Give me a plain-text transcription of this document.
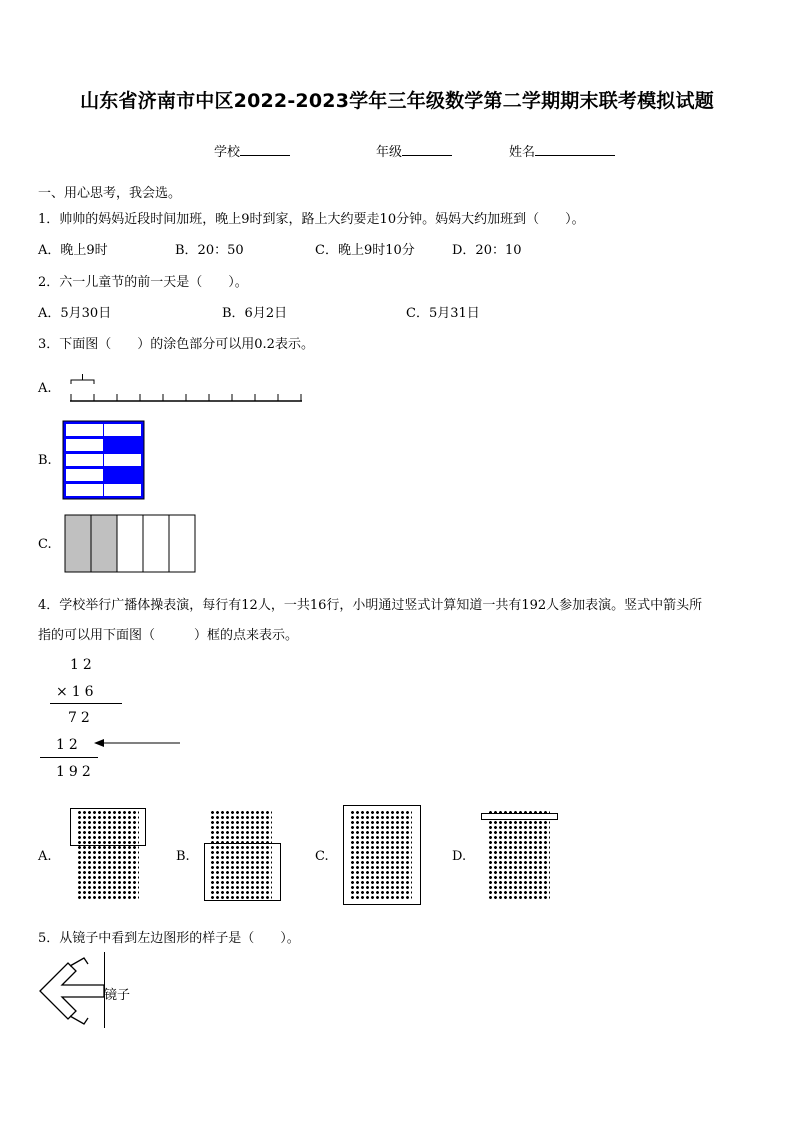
山东省济南市中区2022-2023学年三年级数学第二学期期末联考模拟试题
学校	年级	姓名
一、用心思考，我会选。
1．帅帅的妈妈近段时间加班，晚上9时到家，路上大约要走10分钟。妈妈大约加班到（　　）。
A．晚上9时	B．20：50	C．晚上9时10分	D．20：10
2．六一儿童节的前一天是（　　）。
A．5月30日	B．6月2日	C．5月31日
3．下面图（　　）的涂色部分可以用0.2表示。
A.
B.
C.
4．学校举行广播体操表演，每行有12人，一共16行，小明通过竖式计算知道一共有192人参加表演。竖式中箭头所
指的可以用下面图（　　　）框的点来表示。
12
×16
72
12
192
A.	B.	C.	D.
5．从镜子中看到左边图形的样子是（　　）。
镜子
